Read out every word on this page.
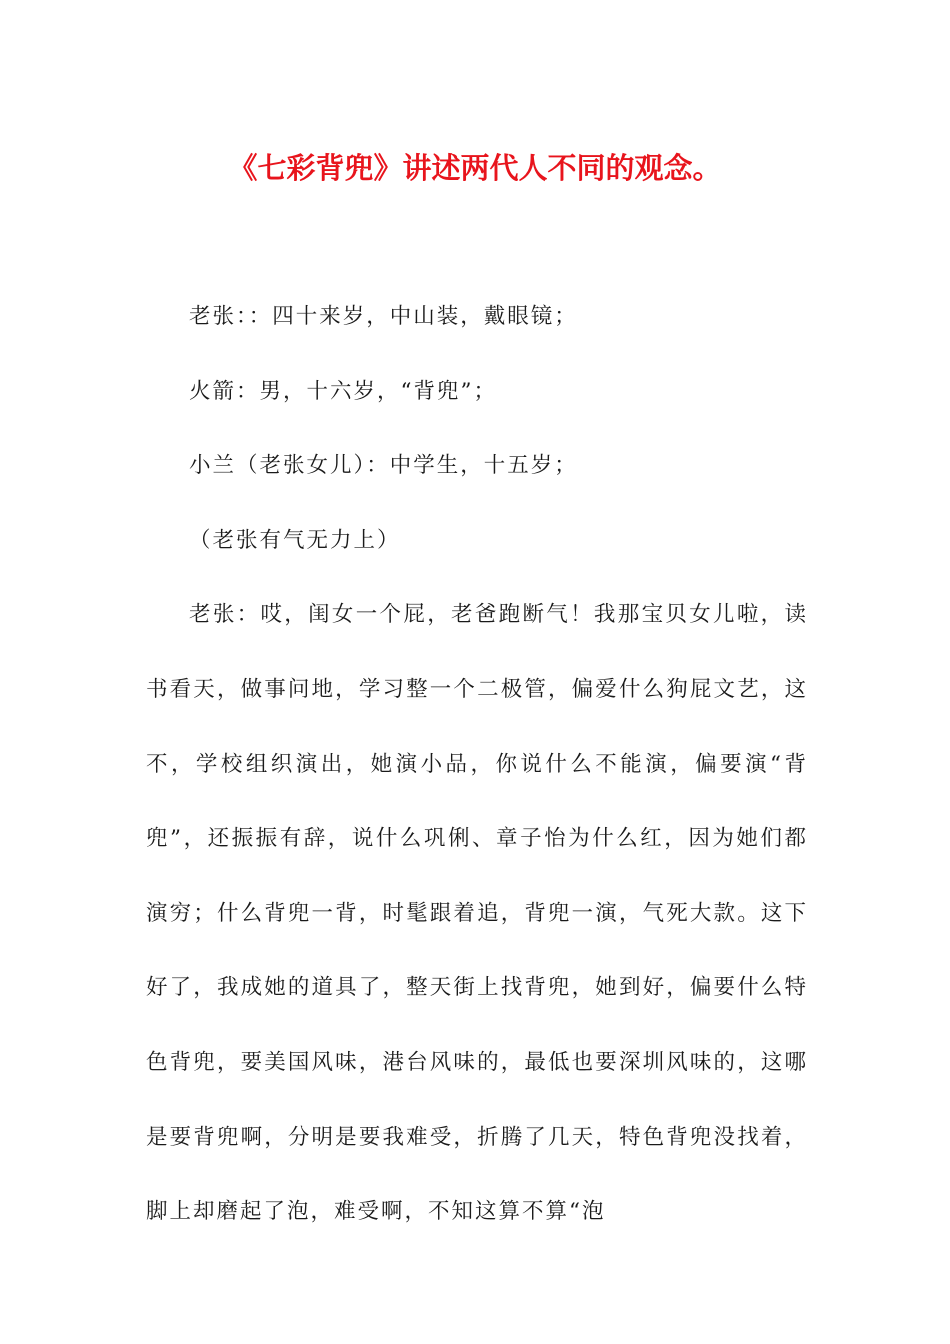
《七彩背兜》讲述两代人不同的观念。

老张：：四十来岁，中山装，戴眼镜；

火箭：男，十六岁，“背兜”；

小兰（老张女儿）：中学生，十五岁；

（老张有气无力上）

老张：哎，闺女一个屁，老爸跑断气！我那宝贝女儿啦，读书看天，做事问地，学习整一个二极管，偏爱什么狗屁文艺，这不，学校组织演出，她演小品，你说什么不能演，偏要演“背兜”，还振振有辞，说什么巩俐、章子怡为什么红，因为她们都演穷；什么背兜一背，时髦跟着追，背兜一演，气死大款。这下好了，我成她的道具了，整天街上找背兜，她到好，偏要什么特色背兜，要美国风味，港台风味的，最低也要深圳风味的，这哪是要背兜啊，分明是要我难受，折腾了几天，特色背兜没找着，脚上却磨起了泡，难受啊，不知这算不算“泡
